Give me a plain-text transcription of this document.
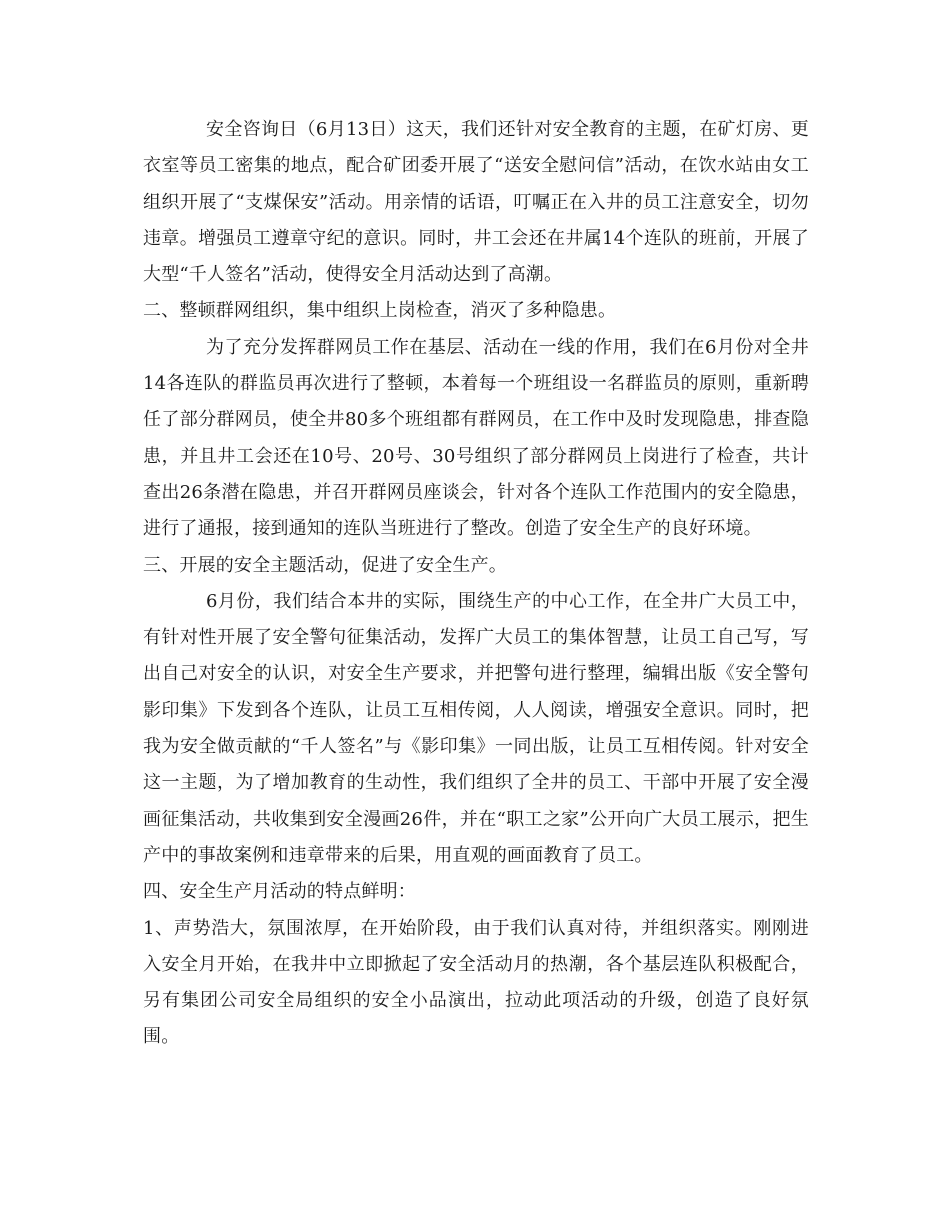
安全咨询日（6月13日）这天，我们还针对安全教育的主题，在矿灯房、更衣室等员工密集的地点，配合矿团委开展了“送安全慰问信”活动，在饮水站由女工组织开展了“支煤保安”活动。用亲情的话语，叮嘱正在入井的员工注意安全，切勿违章。增强员工遵章守纪的意识。同时，井工会还在井属14个连队的班前，开展了大型“千人签名”活动，使得安全月活动达到了高潮。

二、整顿群网组织，集中组织上岗检查，消灭了多种隐患。

为了充分发挥群网员工作在基层、活动在一线的作用，我们在6月份对全井14各连队的群监员再次进行了整顿，本着每一个班组设一名群监员的原则，重新聘任了部分群网员，使全井80多个班组都有群网员，在工作中及时发现隐患，排查隐患，并且井工会还在10号、20号、30号组织了部分群网员上岗进行了检查，共计查出26条潜在隐患，并召开群网员座谈会，针对各个连队工作范围内的安全隐患，进行了通报，接到通知的连队当班进行了整改。创造了安全生产的良好环境。

三、开展的安全主题活动，促进了安全生产。

6月份，我们结合本井的实际，围绕生产的中心工作，在全井广大员工中，有针对性开展了安全警句征集活动，发挥广大员工的集体智慧，让员工自己写，写出自己对安全的认识，对安全生产要求，并把警句进行整理，编辑出版《安全警句影印集》下发到各个连队，让员工互相传阅，人人阅读，增强安全意识。同时，把我为安全做贡献的“千人签名”与《影印集》一同出版，让员工互相传阅。针对安全这一主题，为了增加教育的生动性，我们组织了全井的员工、干部中开展了安全漫画征集活动，共收集到安全漫画26件，并在“职工之家”公开向广大员工展示，把生产中的事故案例和违章带来的后果，用直观的画面教育了员工。

四、安全生产月活动的特点鲜明：

1、声势浩大，氛围浓厚，在开始阶段，由于我们认真对待，并组织落实。刚刚进入安全月开始，在我井中立即掀起了安全活动月的热潮，各个基层连队积极配合，另有集团公司安全局组织的安全小品演出，拉动此项活动的升级，创造了良好氛围。
